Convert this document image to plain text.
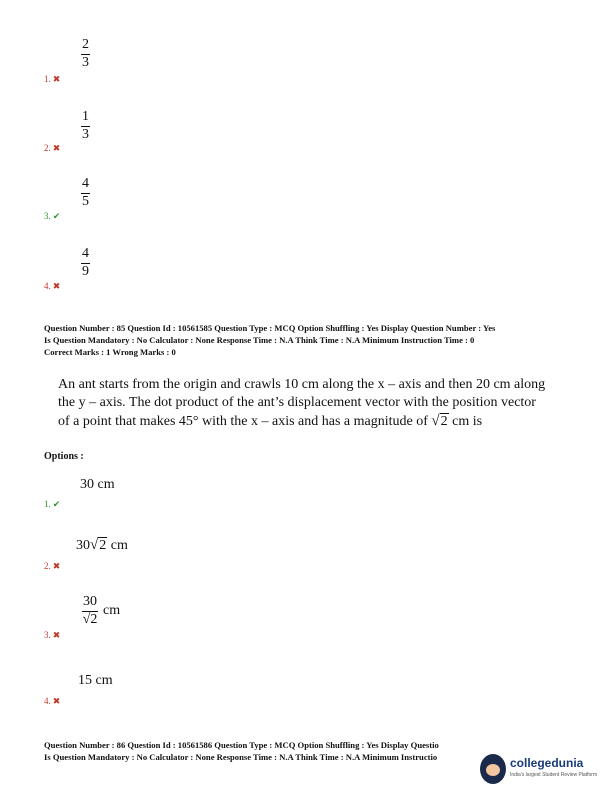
2
3
1. ✖
1
3
2. ✖
4
5
3. ✔
4
9
4. ✖
Question Number : 85 Question Id : 10561585 Question Type : MCQ Option Shuffling : Yes Display Question Number : Yes
Is Question Mandatory : No Calculator : None Response Time : N.A Think Time : N.A Minimum Instruction Time : 0
Correct Marks : 1 Wrong Marks : 0
An ant starts from the origin and crawls 10 cm along the x – axis and then 20 cm along
the y – axis. The dot product of the ant’s displacement vector with the position vector
of a point that makes 45° with the x – axis and has a magnitude of √2 cm is
Options :
30 cm
1. ✔
30√2 cm
2. ✖
30
√2
cm
3. ✖
15 cm
4. ✖
Question Number : 86 Question Id : 10561586 Question Type : MCQ Option Shuffling : Yes Display Questio
Is Question Mandatory : No Calculator : None Response Time : N.A Think Time : N.A Minimum Instructio	collegedunia
India's largest Student Review Platform
